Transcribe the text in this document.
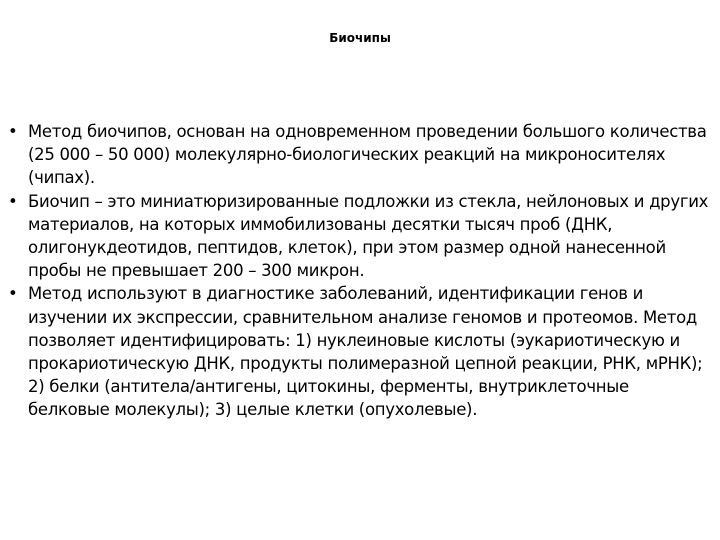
Биочипы
• Метод биочипов, основан на одновременном проведении большого количества (25 000 – 50 000) молекулярно-биологических реакций на микроносителях (чипах).
• Биочип – это миниатюризированные подложки из стекла, нейлоновых и других материалов, на которых иммобилизованы десятки тысяч проб (ДНК, олигонукдеотидов, пептидов, клеток), при этом размер одной нанесенной пробы не превышает 200 – 300 микрон.
• Метод используют в диагностике заболеваний, идентификации генов и изучении их экспрессии, сравнительном анализе геномов и протеомов. Метод позволяет идентифицировать: 1) нуклеиновые кислоты (эукариотическую и прокариотическую ДНК, продукты полимеразной цепной реакции, РНК, мРНК); 2) белки (антитела/антигены, цитокины, ферменты, внутриклеточные белковые молекулы); 3) целые клетки (опухолевые).
